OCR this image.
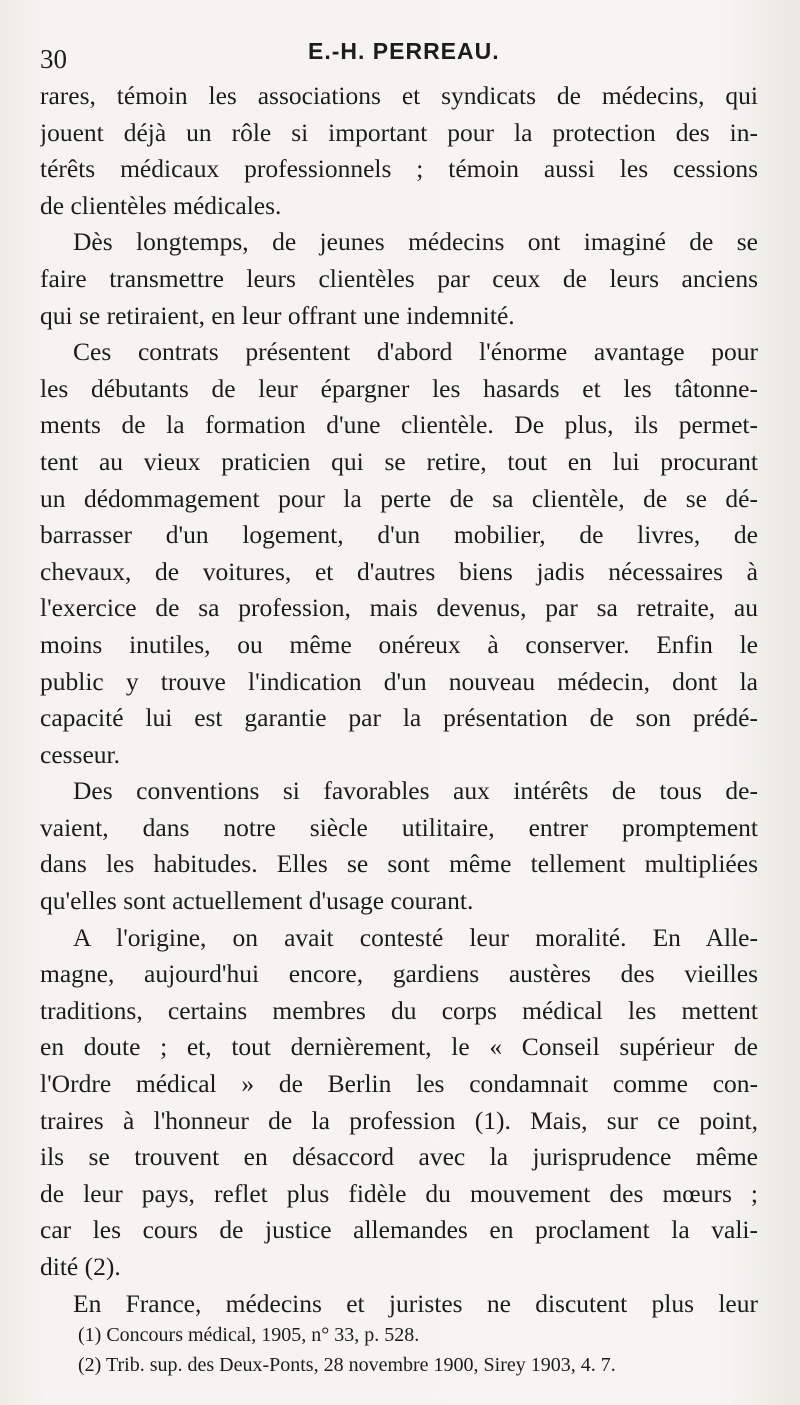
30	E.-H. PERREAU.
rares, témoin les associations et syndicats de médecins, qui
jouent déjà un rôle si important pour la protection des in-
térêts médicaux professionnels ; témoin aussi les cessions
de clientèles médicales.
Dès longtemps, de jeunes médecins ont imaginé de se
faire transmettre leurs clientèles par ceux de leurs anciens
qui se retiraient, en leur offrant une indemnité.
Ces contrats présentent d'abord l'énorme avantage pour
les débutants de leur épargner les hasards et les tâtonne-
ments de la formation d'une clientèle. De plus, ils permet-
tent au vieux praticien qui se retire, tout en lui procurant
un dédommagement pour la perte de sa clientèle, de se dé-
barrasser d'un logement, d'un mobilier, de livres, de
chevaux, de voitures, et d'autres biens jadis nécessaires à
l'exercice de sa profession, mais devenus, par sa retraite, au
moins inutiles, ou même onéreux à conserver. Enfin le
public y trouve l'indication d'un nouveau médecin, dont la
capacité lui est garantie par la présentation de son prédé-
cesseur.
Des conventions si favorables aux intérêts de tous de-
vaient, dans notre siècle utilitaire, entrer promptement
dans les habitudes. Elles se sont même tellement multipliées
qu'elles sont actuellement d'usage courant.
A l'origine, on avait contesté leur moralité. En Alle-
magne, aujourd'hui encore, gardiens austères des vieilles
traditions, certains membres du corps médical les mettent
en doute ; et, tout dernièrement, le « Conseil supérieur de
l'Ordre médical » de Berlin les condamnait comme con-
traires à l'honneur de la profession (1). Mais, sur ce point,
ils se trouvent en désaccord avec la jurisprudence même
de leur pays, reflet plus fidèle du mouvement des mœurs ;
car les cours de justice allemandes en proclament la vali-
dité (2).
En France, médecins et juristes ne discutent plus leur
(1) Concours médical, 1905, n° 33, p. 528.
(2) Trib. sup. des Deux-Ponts, 28 novembre 1900, Sirey 1903, 4. 7.
